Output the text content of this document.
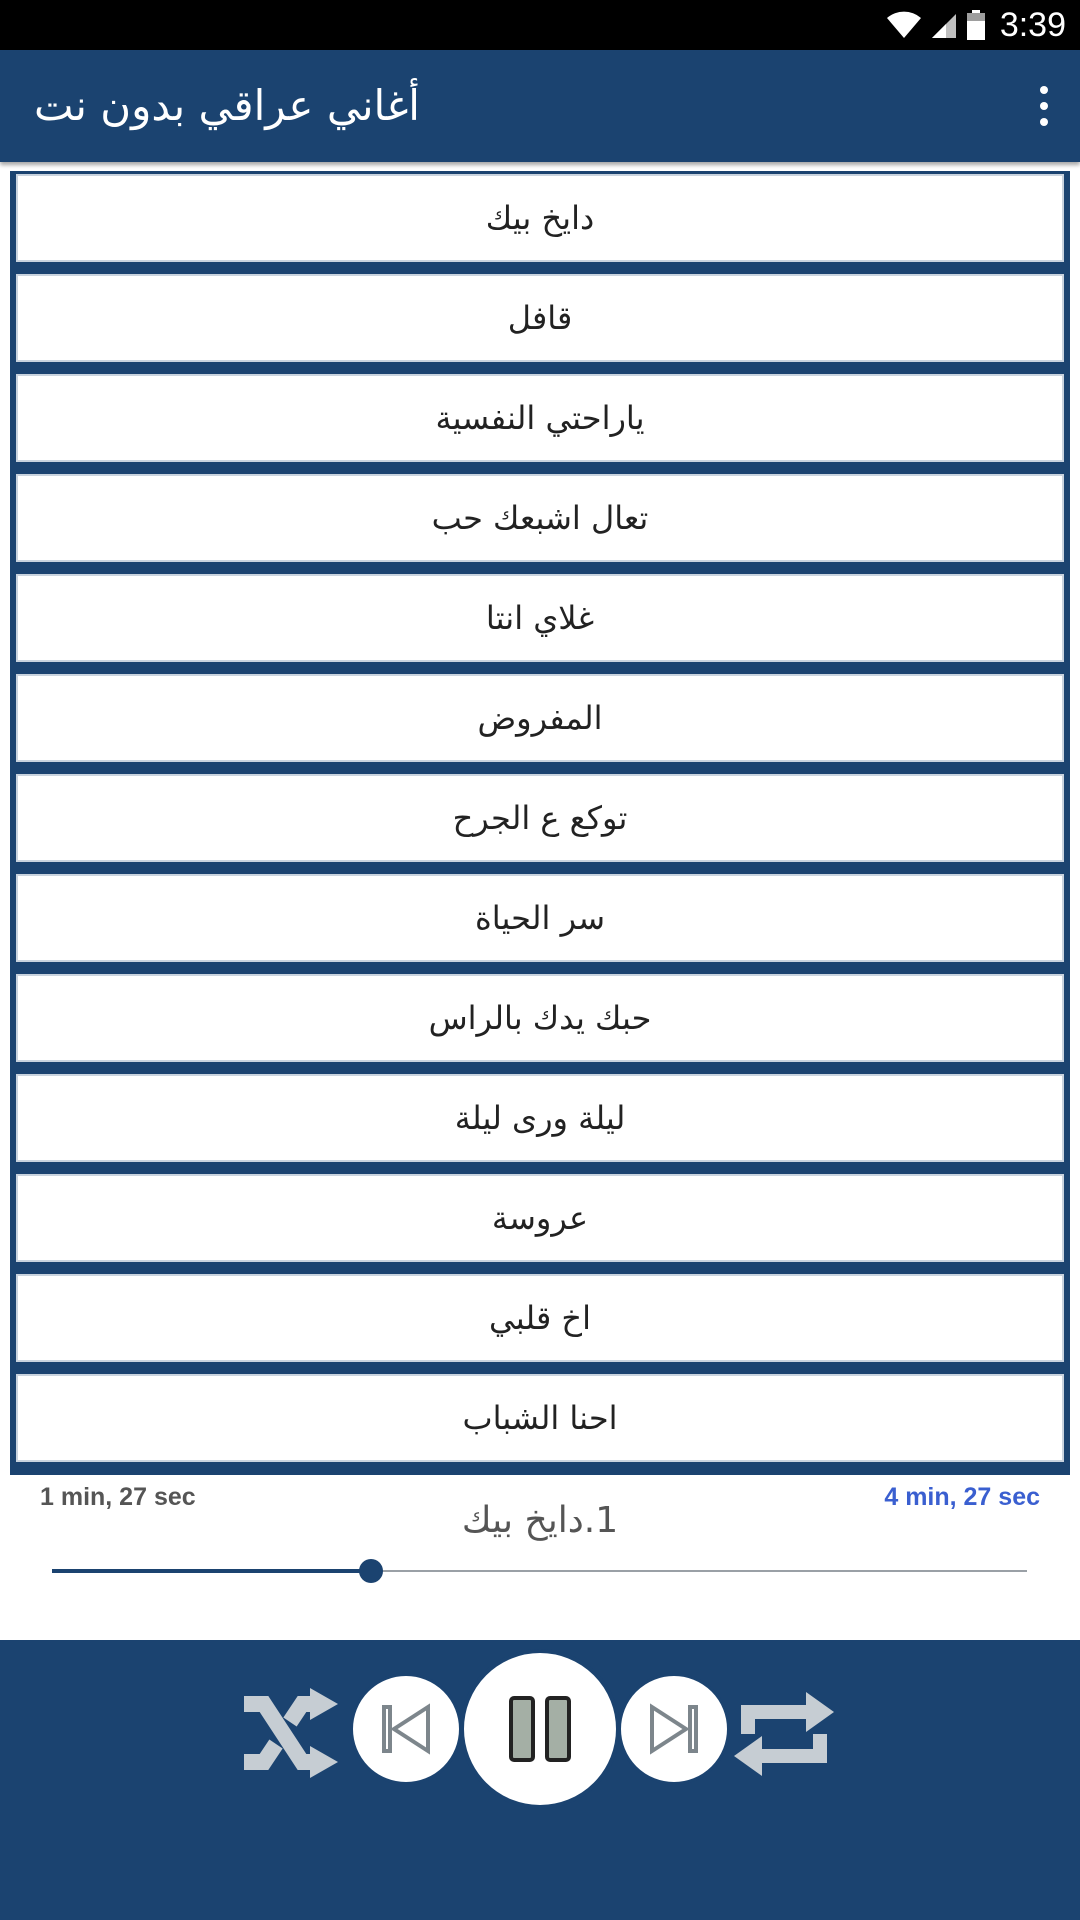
3:39
أغاني عراقي بدون نت
دايخ بيك
قافل
ياراحتي النفسية
تعال اشبعك حب
غلاي انتا
المفروض
توكع ع الجرح
سر الحياة
حبك يدك بالراس
ليلة ورى ليلة
عروسة
اخ قلبي
احنا الشباب
1 min, 27 sec	4 min, 27 sec
1.دايخ بيك
